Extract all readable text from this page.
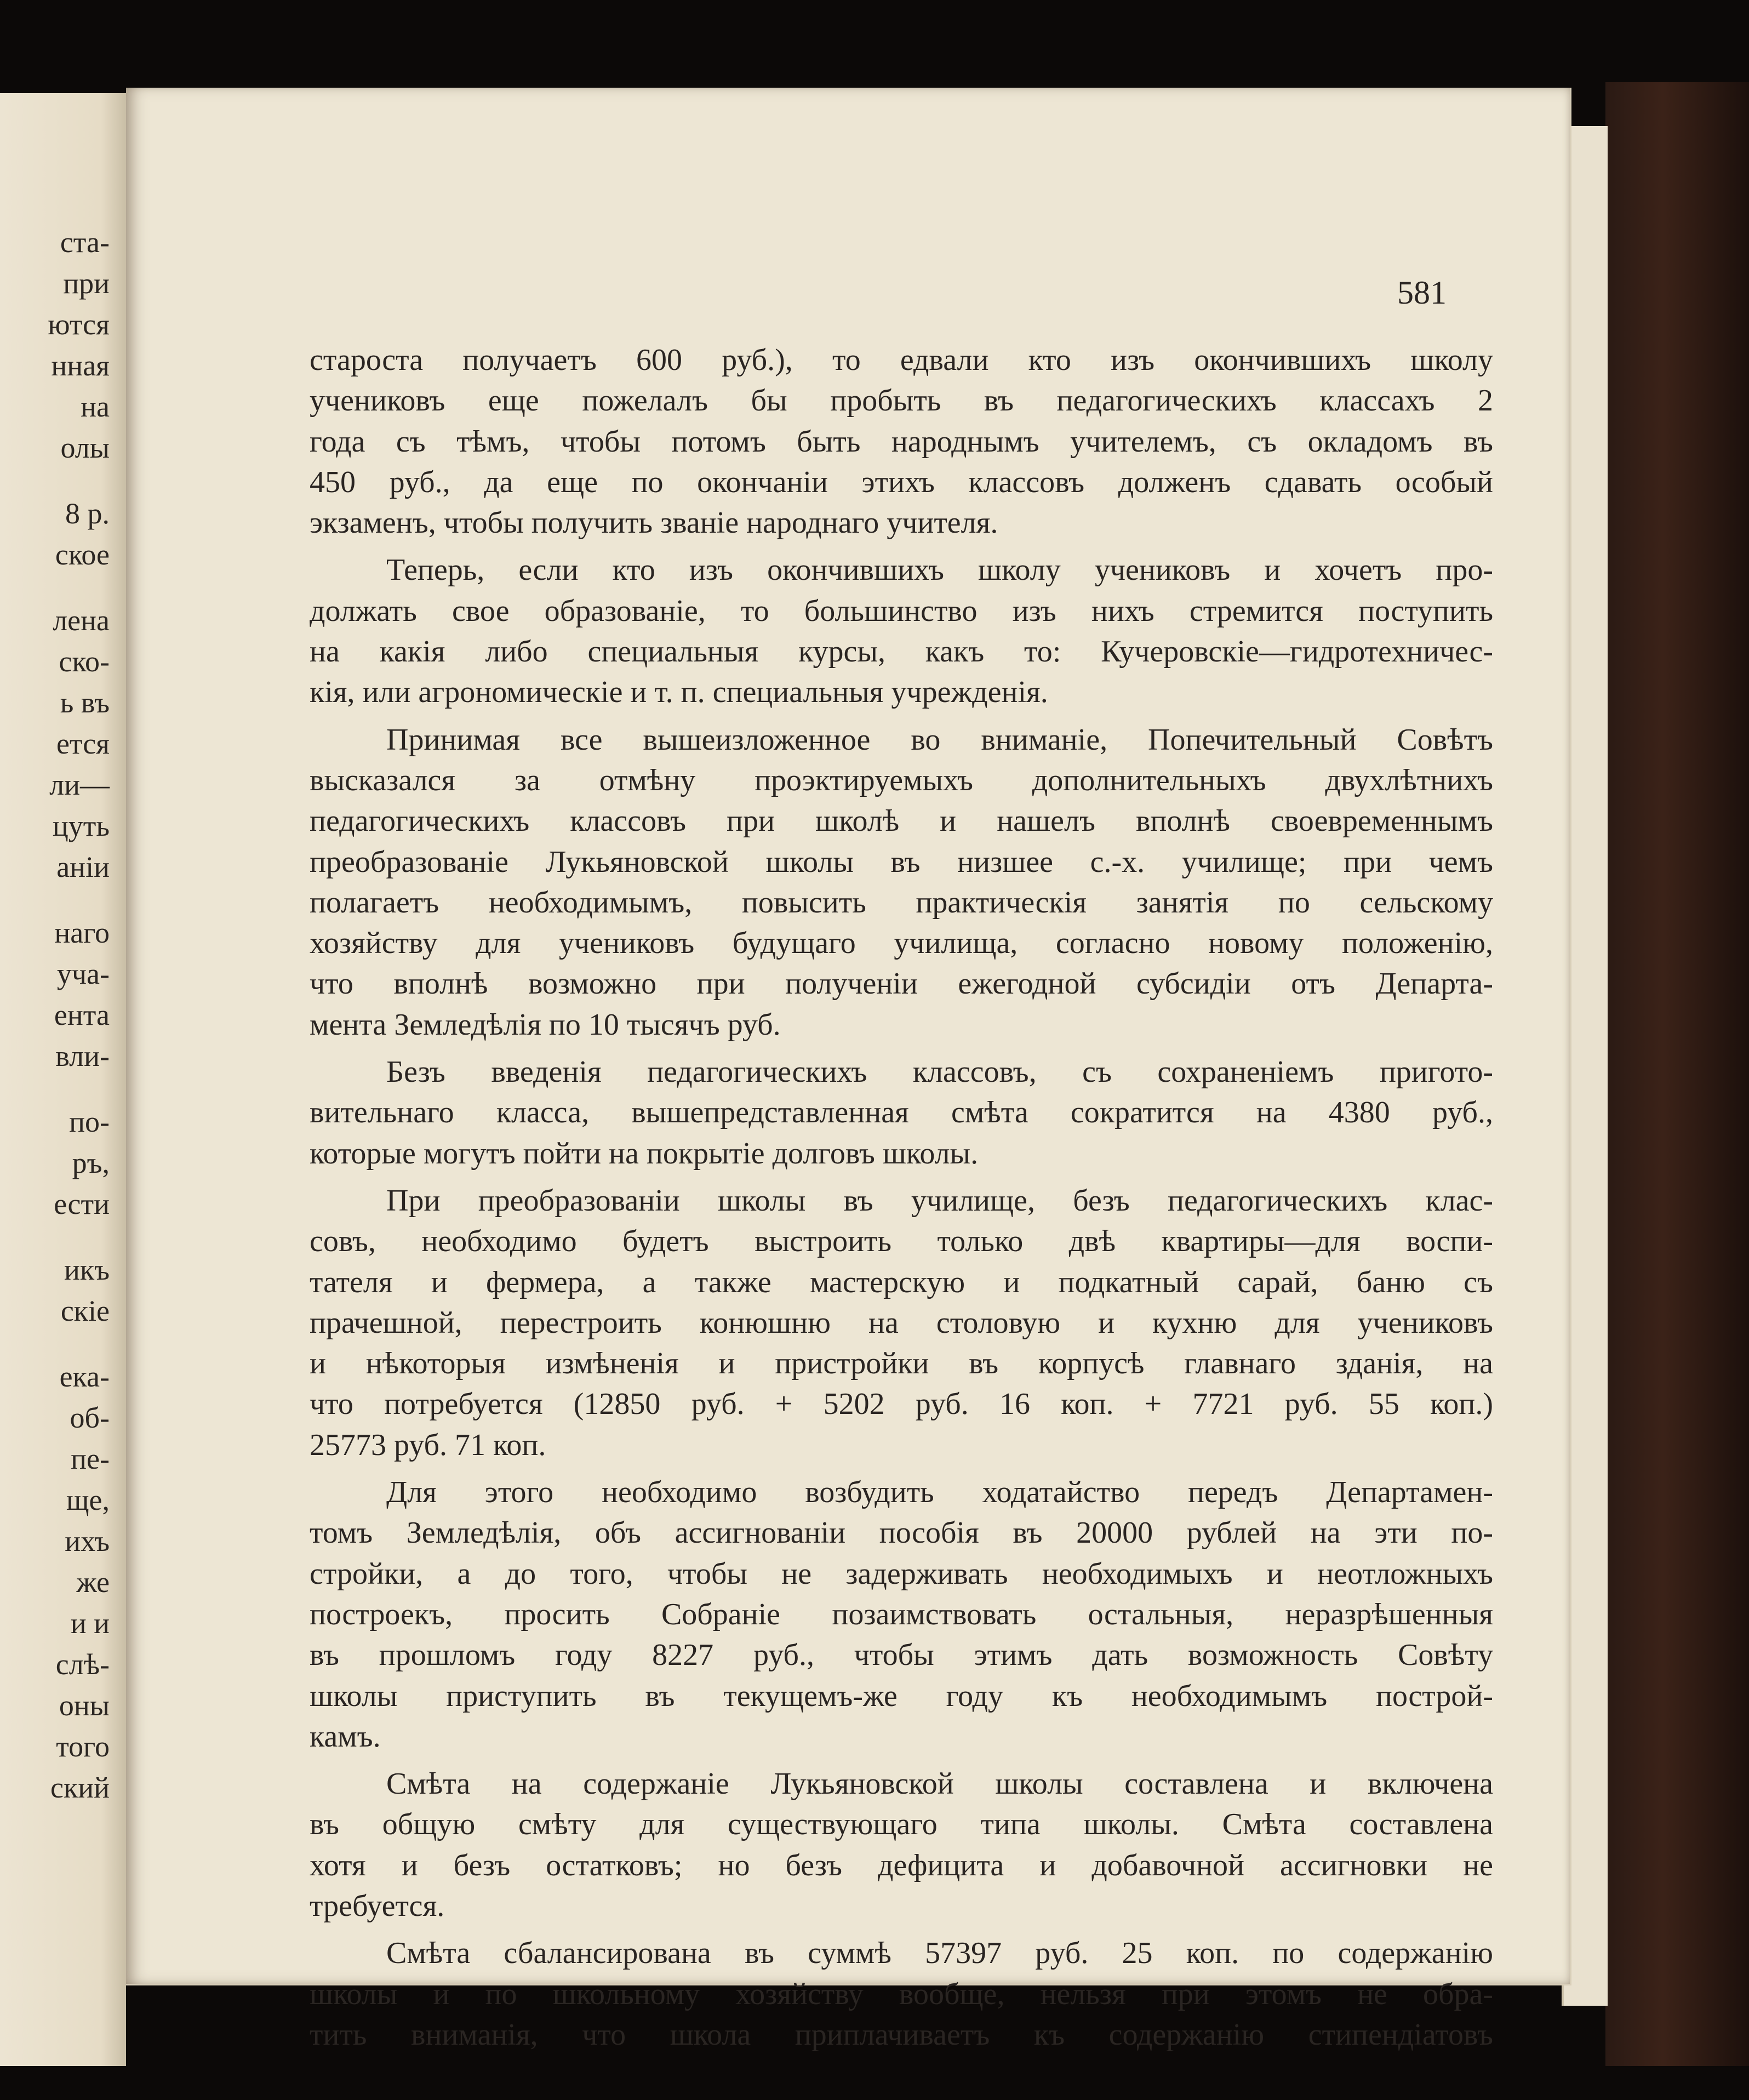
ста-
при
ются
нная
на
олы
8 р.
ское
лена
ско-
ь въ
ется
ли—
цуть
анiи
наго
уча-
ента
вли-
по-
ръ,
ести
икъ
скіе
ека-
об-
пе-
ще,
ихъ
же
и и
слѣ-
оны
того
ский
581
староста получаетъ 600 руб.), то едвали кто изъ окончившихъ школу
учениковъ еще пожелалъ бы пробыть въ педагогическихъ классахъ 2
года съ тѣмъ, чтобы потомъ быть народнымъ учителемъ, съ окладомъ въ
450 руб., да еще по окончанiи этихъ классовъ долженъ сдавать особый
экзаменъ, чтобы получить званiе народнаго учителя.
Теперь, если кто изъ окончившихъ школу учениковъ и хочетъ про-
должать свое образованiе, то большинство изъ нихъ стремится поступить
на какiя либо специальныя курсы, какъ то: Кучеровскiе—гидротехничес-
кiя, или агрономическiе и т. п. специальныя учрежденiя.
Принимая все вышеизложенное во вниманiе, Попечительный Совѣтъ
высказался за отмѣну проэктируемыхъ дополнительныхъ двухлѣтнихъ
педагогическихъ классовъ при школѣ и нашелъ вполнѣ своевременнымъ
преобразованiе Лукьяновской школы въ низшее с.-х. училище; при чемъ
полагаетъ необходимымъ, повысить практическiя занятiя по сельскому
хозяйству для учениковъ будущаго училища, согласно новому положенiю,
что вполнѣ возможно при полученiи ежегодной субсидiи отъ Департа-
мента Земледѣлiя по 10 тысячъ руб.
Безъ введенiя педагогическихъ классовъ, съ сохраненiемъ пригото-
вительнаго класса, вышепредставленная смѣта сократится на 4380 руб.,
которые могутъ пойти на покрытiе долговъ школы.
При преобразованiи школы въ училище, безъ педагогическихъ клас-
совъ, необходимо будетъ выстроить только двѣ квартиры—для воспи-
тателя и фермера, а также мастерскую и подкатный сарай, баню съ
прачешной, перестроить конюшню на столовую и кухню для учениковъ
и нѣкоторыя измѣненiя и пристройки въ корпусѣ главнаго зданiя, на
что потребуется (12850 руб. + 5202 руб. 16 коп. + 7721 руб. 55 коп.)
25773 руб. 71 коп.
Для этого необходимо возбудить ходатайство передъ Департамен-
томъ Земледѣлiя, объ ассигнованiи пособiя въ 20000 рублей на эти по-
стройки, а до того, чтобы не задерживать необходимыхъ и неотложныхъ
построекъ, просить Собранiе позаимствовать остальныя, неразрѣшенныя
въ прошломъ году 8227 руб., чтобы этимъ дать возможность Совѣту
школы приступить въ текущемъ-же году къ необходимымъ построй-
камъ.
Смѣта на содержанiе Лукьяновской школы составлена и включена
въ общую смѣту для существующаго типа школы. Смѣта составлена
хотя и безъ остатковъ; но безъ дефицита и добавочной ассигновки не
требуется.
Смѣта сбалансирована въ суммѣ 57397 руб. 25 коп. по содержанiю
школы и по школьному хозяйству вообще, нельзя при этомъ не обра-
тить вниманiя, что школа приплачиваетъ къ содержанiю стипендiатовъ
